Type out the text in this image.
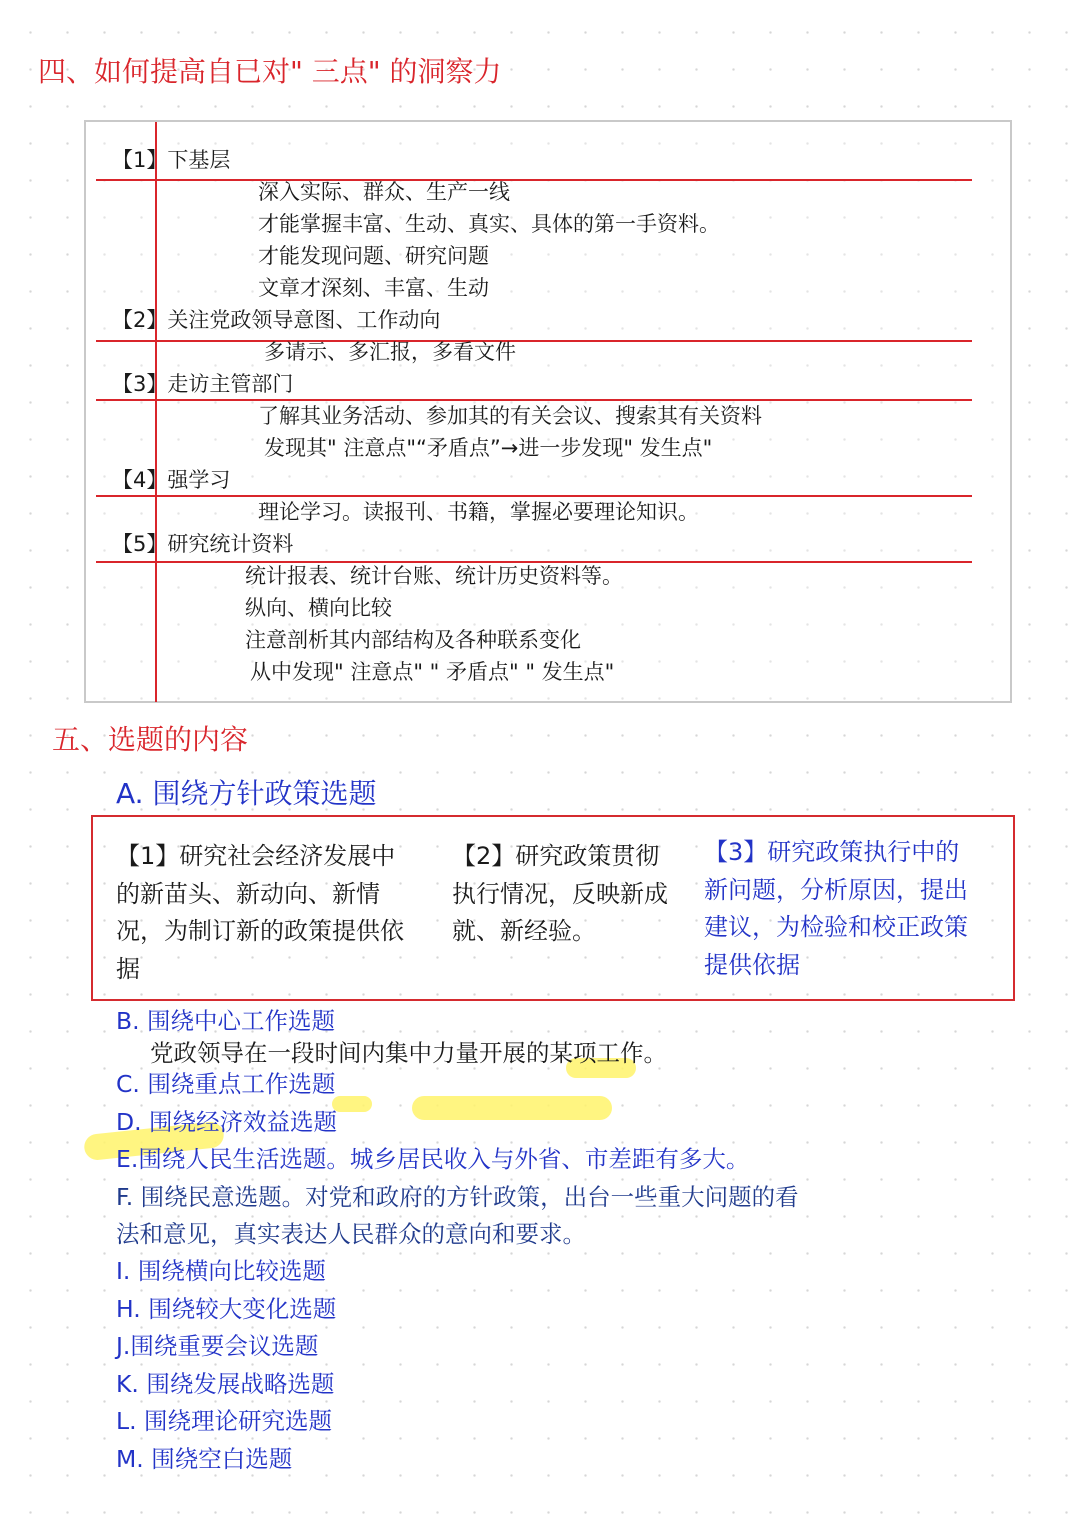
四、如何提高自已对" 三点" 的洞察力
【1】下基层
深入实际、群众、生产一线
才能掌握丰富、生动、真实、具体的第一手资料。
才能发现问题、研究问题
文章才深刻、丰富、生动
【2】关注党政领导意图、工作动向
多请示、多汇报，多看文件
【3】走访主管部门
了解其业务活动、参加其的有关会议、搜索其有关资料
发现其" 注意点"“矛盾点”→进一步发现" 发生点"
【4】强学习
理论学习。读报刊、书籍，掌握必要理论知识。
【5】研究统计资料
统计报表、统计台账、统计历史资料等。
纵向、横向比较
注意剖析其内部结构及各种联系变化
从中发现" 注意点" " 矛盾点" " 发生点"
五、选题的内容
A. 围绕方针政策选题
【1】研究社会经济发展中的新苗头、新动向、新情况，为制订新的政策提供依据
【2】研究政策贯彻执行情况，反映新成就、新经验。
【3】研究政策执行中的新问题，分析原因，提出建议，为检验和校正政策提供依据
B. 围绕中心工作选题
党政领导在一段时间内集中力量开展的某项工作。
C. 围绕重点工作选题
D. 围绕经济效益选题
E.围绕人民生活选题。城乡居民收入与外省、市差距有多大。
F. 围绕民意选题。对党和政府的方针政策，出台一些重大问题的看
法和意见，真实表达人民群众的意向和要求。
I. 围绕横向比较选题
H. 围绕较大变化选题
J.围绕重要会议选题
K. 围绕发展战略选题
L. 围绕理论研究选题
M. 围绕空白选题
